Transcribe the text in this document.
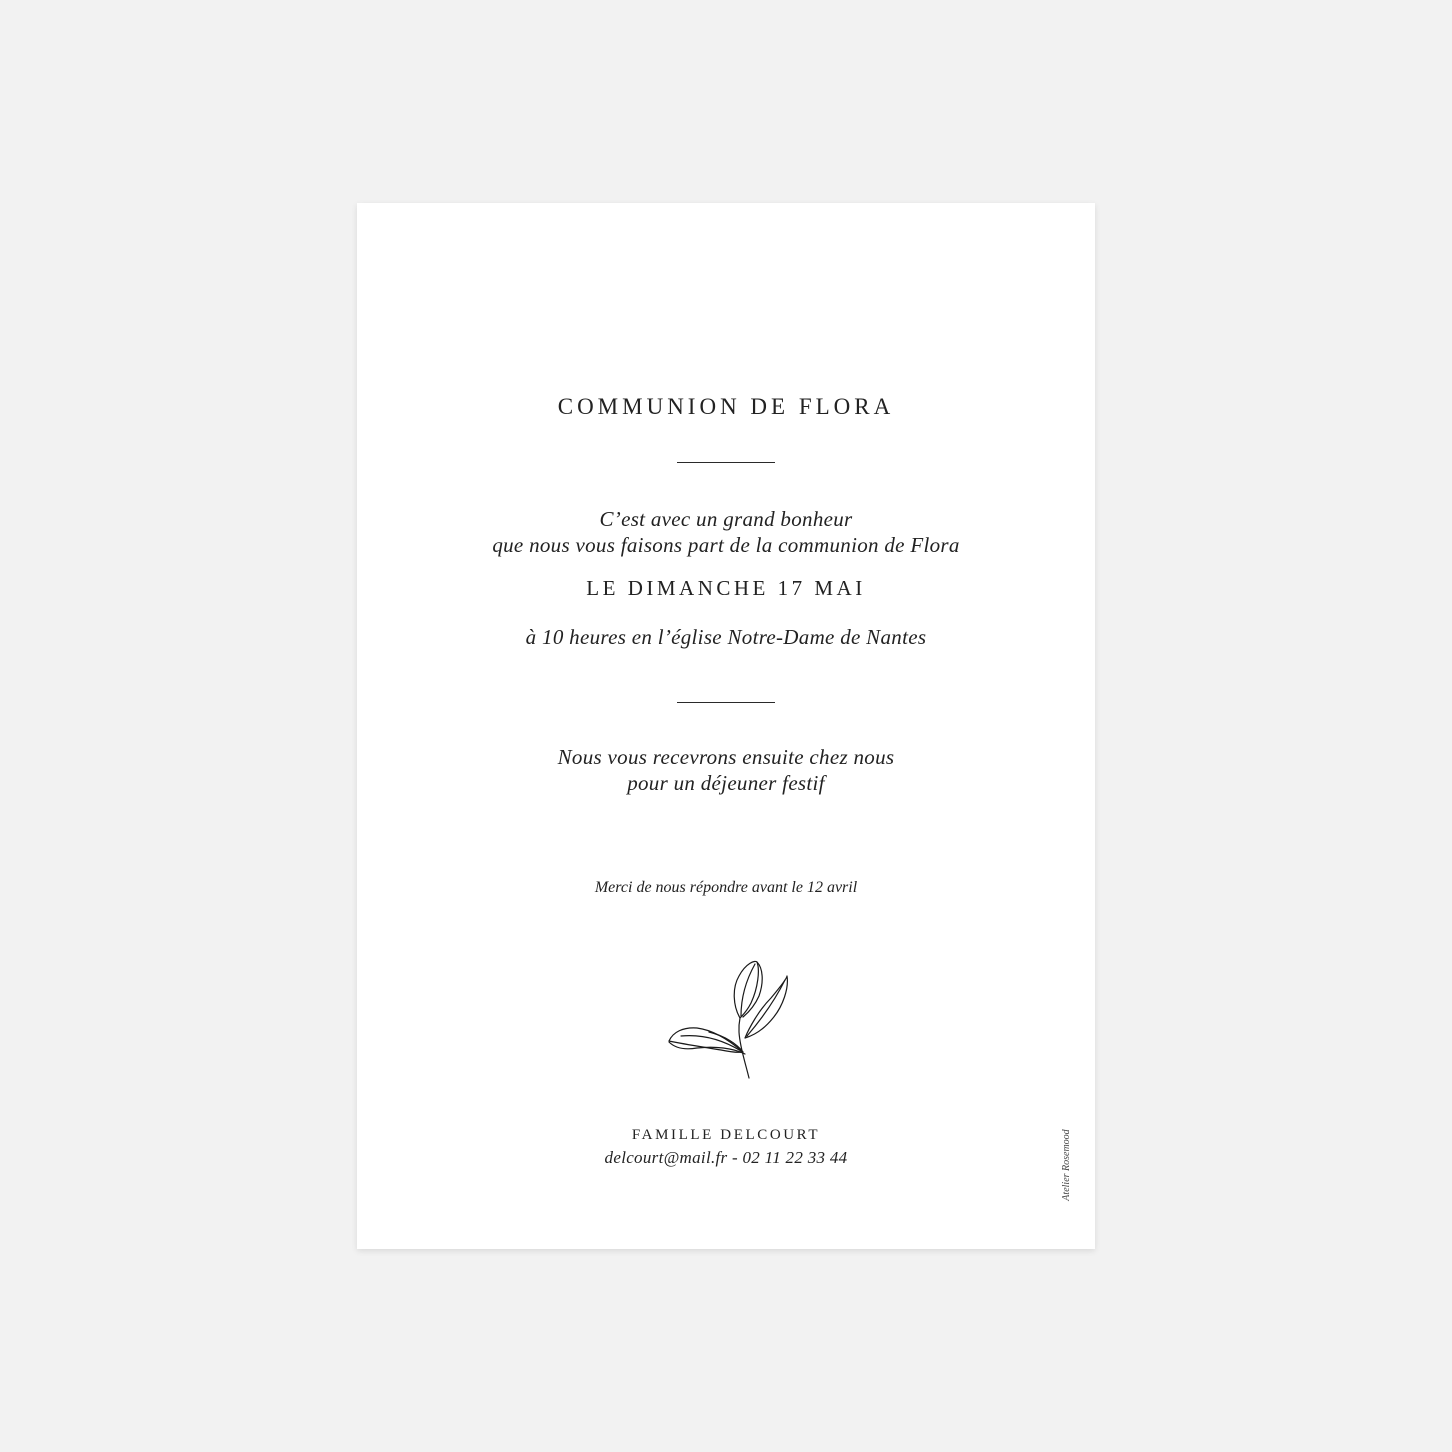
COMMUNION DE FLORA
C’est avec un grand bonheur
que nous vous faisons part de la communion de Flora
LE DIMANCHE 17 MAI
à 10 heures en l’église Notre-Dame de Nantes
Nous vous recevrons ensuite chez nous
pour un déjeuner festif
Merci de nous répondre avant le 12 avril
FAMILLE DELCOURT
delcourt@mail.fr - 02 11 22 33 44	Atelier Rosemood
